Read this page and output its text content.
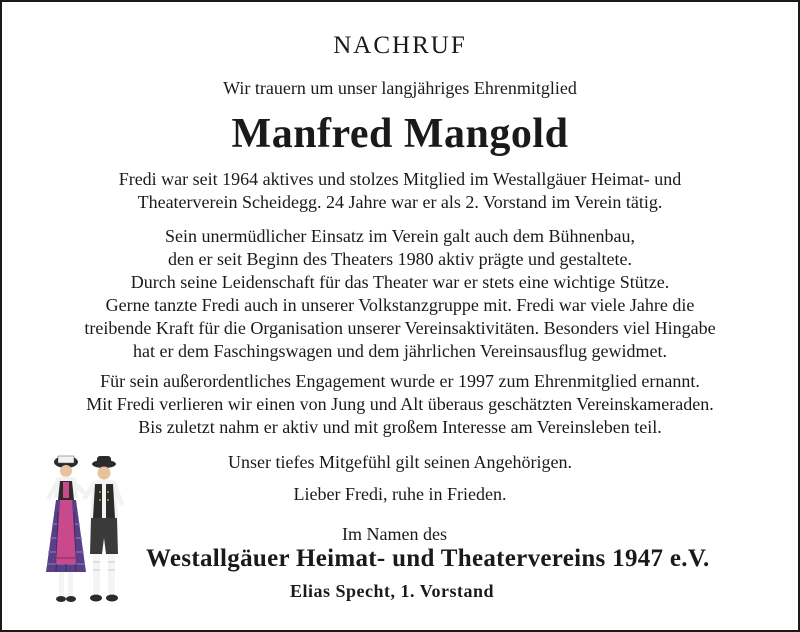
NACHRUF
Wir trauern um unser langjähriges Ehrenmitglied
Manfred Mangold
Fredi war seit 1964 aktives und stolzes Mitglied im Westallgäuer Heimat- und
Theaterverein Scheidegg. 24 Jahre war er als 2. Vorstand im Verein tätig.
Sein unermüdlicher Einsatz im Verein galt auch dem Bühnenbau,
den er seit Beginn des Theaters 1980 aktiv prägte und gestaltete.
Durch seine Leidenschaft für das Theater war er stets eine wichtige Stütze.
Gerne tanzte Fredi auch in unserer Volkstanzgruppe mit. Fredi war viele Jahre die
treibende Kraft für die Organisation unserer Vereinsaktivitäten. Besonders viel Hingabe
hat er dem Faschingswagen und dem jährlichen Vereinsausflug gewidmet.
Für sein außerordentliches Engagement wurde er 1997 zum Ehrenmitglied ernannt.
Mit Fredi verlieren wir einen von Jung und Alt überaus geschätzten Vereinskameraden.
Bis zuletzt nahm er aktiv und mit großem Interesse am Vereinsleben teil.
Unser tiefes Mitgefühl gilt seinen Angehörigen.
Lieber Fredi, ruhe in Frieden.
Im Namen des
Westallgäuer Heimat- und Theatervereins 1947 e.V.
Elias Specht, 1. Vorstand
